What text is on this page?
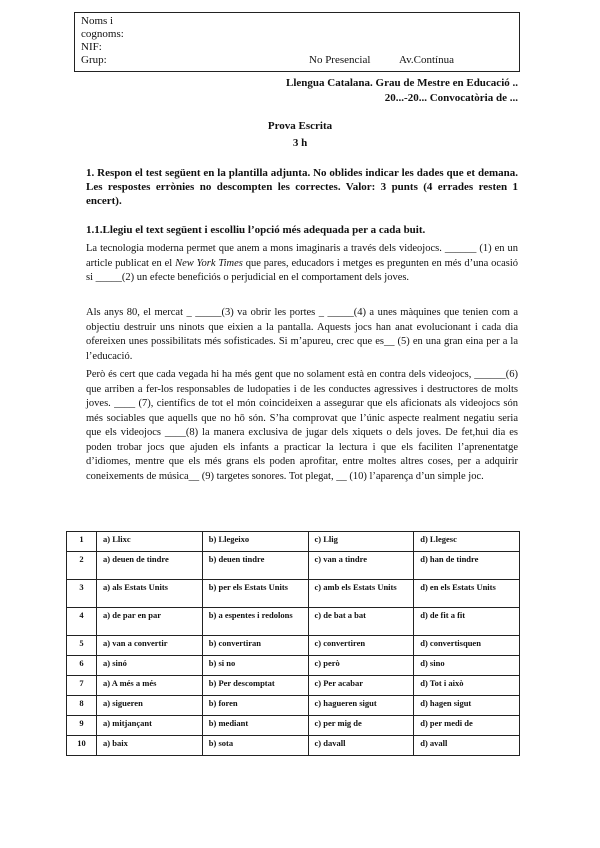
Noms i
cognoms:
NIF:
Grup:	No Presencial	Av.Contínua
Llengua Catalana. Grau de Mestre en Educació ..
20...-20... Convocatòria de ...
Prova Escrita
3 h
1. Respon el test següent en la plantilla adjunta. No oblides indicar les dades que et demana. Les respostes errònies no descompten les correctes. Valor: 3 punts (4 errades resten 1 encert).
1.1.Llegiu el text següent i escolliu l’opció més adequada per a cada buit.
La tecnologia moderna permet que anem a mons imaginaris a través dels videojocs. ______ (1) en un article publicat en el New York Times que pares, educadors i metges es pregunten en més d’una ocasió si _____(2) un efecte beneficiós o perjudicial en el comportament dels joves.
Als anys 80, el mercat _ _____(3) va obrir les portes _ _____(4) a unes màquines que tenien com a objectiu destruir uns ninots que eixien a la pantalla. Aquests jocs han anat evolucionant i cada dia ofereixen unes possibilitats més sofisticades. Si m’apureu, crec que es__ (5) en una gran eina per a la l’educació.
Però és cert que cada vegada hi ha més gent que no solament està en contra dels videojocs, ______(6) que arriben a fer-los responsables de ludopaties i de les conductes agressives i destructores de molts joves. ____ (7), científics de tot el món coincideixen a assegurar que els aficionats als videojocs són més sociables que aquells que no hō són. S’ha comprovat que l’únic aspecte realment negatiu seria que els videojocs ____(8) la manera exclusiva de jugar dels xiquets o dels joves. De fet,hui dia es poden trobar jocs que ajuden els infants a practicar la lectura i que els faciliten l’aprenentatge d’idiomes, mentre que els més grans els poden aprofitar, entre moltes altres coses, per a adquirir coneixements de música__ (9) targetes sonores. Tot plegat, __ (10) l’aparença d’un simple joc.
1	a) Llixc	b) Llegeixo	c) Llig	d) Llegesc
2	a) deuen de tindre	b) deuen tindre	c) van a tindre	d) han de tindre
3	a) als Estats Units	b) per els Estats Units	c) amb els Estats Units	d) en els Estats Units
4	a) de par en par	b) a espentes i redolons	c) de bat a bat	d) de fit a fit
5	a) van a convertir	b) convertiran	c) convertiren	d) convertisquen
6	a) sinó	b) si no	c) però	d) sino
7	a) A més a més	b) Per descomptat	c) Per acabar	d) Tot i això
8	a) sigueren	b) foren	c) hagueren sigut	d) hagen sigut
9	a) mitjançant	b) mediant	c) per mig de	d) per medi de
10	a) baix	b) sota	c) davall	d) avall
